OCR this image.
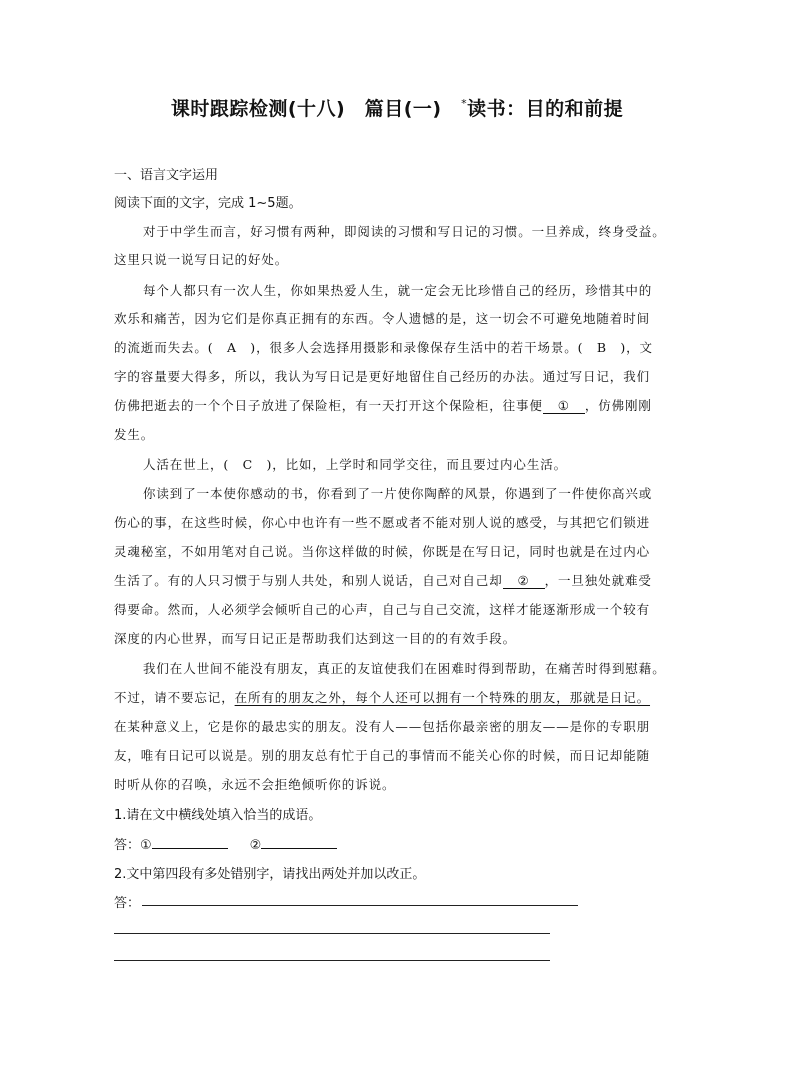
课时跟踪检测(十八)　篇目(一)　*读书：目的和前提
一、语言文字运用
阅读下面的文字，完成 1~5题。
对于中学生而言，好习惯有两种，即阅读的习惯和写日记的习惯。一旦养成，终身受益。
这里只说一说写日记的好处。
每个人都只有一次人生，你如果热爱人生，就一定会无比珍惜自己的经历，珍惜其中的
欢乐和痛苦，因为它们是你真正拥有的东西。令人遗憾的是，这一切会不可避免地随着时间
的流逝而失去。(　A　)，很多人会选择用摄影和录像保存生活中的若干场景。(　B　)，文
字的容量要大得多，所以，我认为写日记是更好地留住自己经历的办法。通过写日记，我们
仿佛把逝去的一个个日子放进了保险柜，有一天打开这个保险柜，往事便 ① ，仿佛刚刚
发生。
人活在世上，(　C　)，比如，上学时和同学交往，而且要过内心生活。
你读到了一本使你感动的书，你看到了一片使你陶醉的风景，你遇到了一件使你高兴或
伤心的事，在这些时候，你心中也许有一些不愿或者不能对别人说的感受，与其把它们锁进
灵魂秘室，不如用笔对自己说。当你这样做的时候，你既是在写日记，同时也就是在过内心
生活了。有的人只习惯于与别人共处，和别人说话，自己对自己却 ② ，一旦独处就难受
得要命。然而，人必须学会倾听自己的心声，自己与自己交流，这样才能逐渐形成一个较有
深度的内心世界，而写日记正是帮助我们达到这一目的的有效手段。
我们在人世间不能没有朋友，真正的友谊使我们在困难时得到帮助，在痛苦时得到慰藉。
不过，请不要忘记，在所有的朋友之外，每个人还可以拥有一个特殊的朋友，那就是日记。
在某种意义上，它是你的最忠实的朋友。没有人——包括你最亲密的朋友——是你的专职朋
友，唯有日记可以说是。别的朋友总有忙于自己的事情而不能关心你的时候，而日记却能随
时听从你的召唤，永远不会拒绝倾听你的诉说。
1.请在文中横线处填入恰当的成语。
答：①	②
2.文中第四段有多处错别字，请找出两处并加以改正。
答：
